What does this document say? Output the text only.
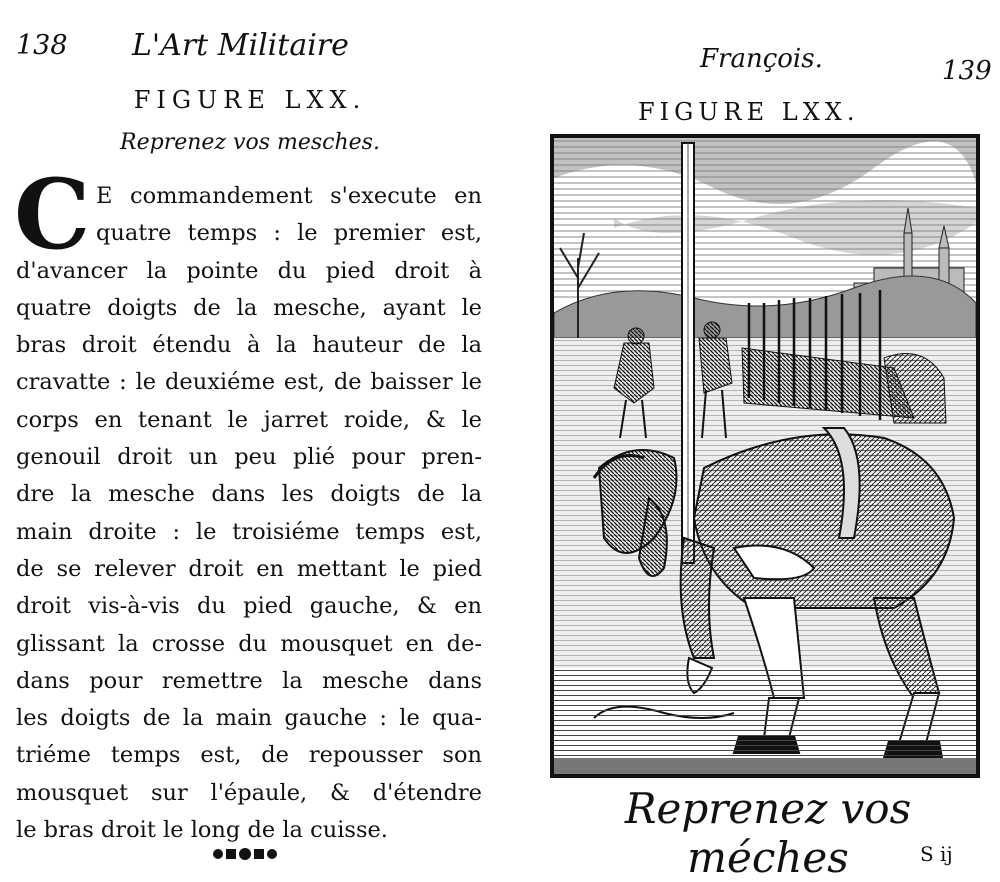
138 L'Art Militaire
FIGURE LXX.
Reprenez vos mesches.
C E commandement s'execute en
quatre temps : le premier est,
d'avancer la pointe du pied droit à
quatre doigts de la mesche, ayant le
bras droit étendu à la hauteur de la
cravatte : le deuxiéme est, de baisser le
corps en tenant le jarret roide, & le
genouil droit un peu plié pour pren-
dre la mesche dans les doigts de la
main droite : le troisiéme temps est,
de se relever droit en mettant le pied
droit vis-à-vis du pied gauche, & en
glissant la crosse du mousquet en de-
dans pour remettre la mesche dans
les doigts de la main gauche : le qua-
triéme temps est, de repousser son
mousquet sur l'épaule, & d'étendre
le bras droit le long de la cuisse.
François.	139
FIGURE LXX.
Reprenez vos méches	S ij
